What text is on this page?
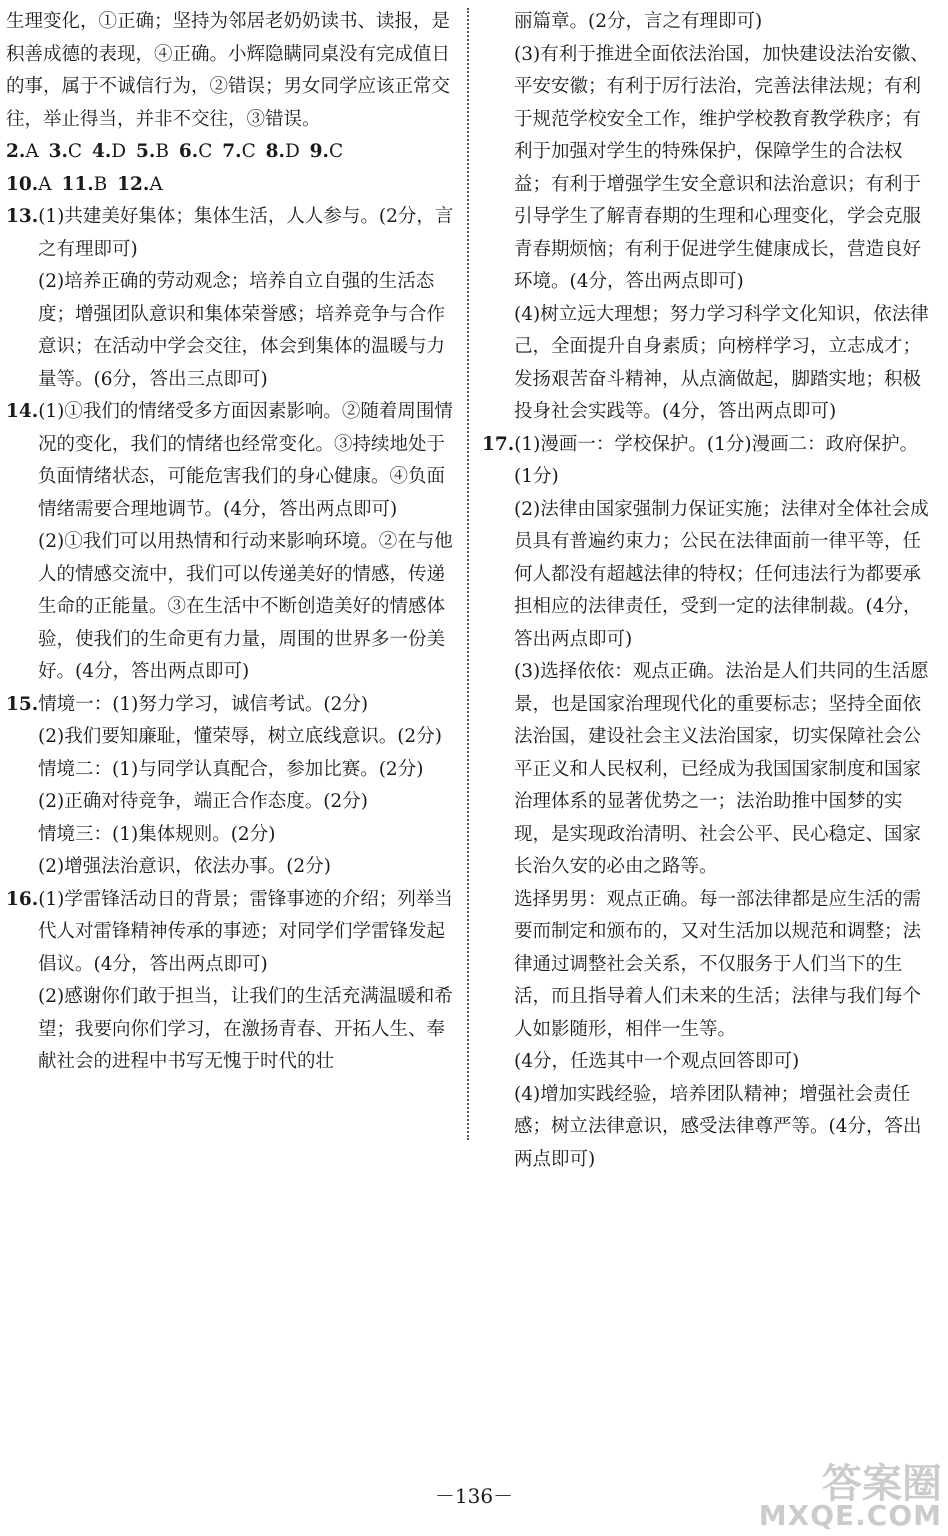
生理变化，①正确；坚持为邻居老奶奶读书、读报，是积善成德的表现，④正确。小辉隐瞒同桌没有完成值日的事，属于不诚信行为，②错误；男女同学应该正常交往，举止得当，并非不交往，③错误。

2.A 3.C 4.D 5.B 6.C 7.C 8.D 9.C

10.A 11.B 12.A

13.(1)共建美好集体；集体生活，人人参与。(2分，言之有理即可)

(2)培养正确的劳动观念；培养自立自强的生活态度；增强团队意识和集体荣誉感；培养竞争与合作意识；在活动中学会交往，体会到集体的温暖与力量等。(6分，答出三点即可)

14.(1)①我们的情绪受多方面因素影响。②随着周围情况的变化，我们的情绪也经常变化。③持续地处于负面情绪状态，可能危害我们的身心健康。④负面情绪需要合理地调节。(4分，答出两点即可)

(2)①我们可以用热情和行动来影响环境。②在与他人的情感交流中，我们可以传递美好的情感，传递生命的正能量。③在生活中不断创造美好的情感体验，使我们的生命更有力量，周围的世界多一份美好。(4分，答出两点即可)

15.情境一：(1)努力学习，诚信考试。(2分)

(2)我们要知廉耻，懂荣辱，树立底线意识。(2分)

情境二：(1)与同学认真配合，参加比赛。(2分)

(2)正确对待竞争，端正合作态度。(2分)

情境三：(1)集体规则。(2分)

(2)增强法治意识，依法办事。(2分)

16.(1)学雷锋活动日的背景；雷锋事迹的介绍；列举当代人对雷锋精神传承的事迹；对同学们学雷锋发起倡议。(4分，答出两点即可)

(2)感谢你们敢于担当，让我们的生活充满温暖和希望；我要向你们学习，在激扬青春、开拓人生、奉献社会的进程中书写无愧于时代的壮

丽篇章。(2分，言之有理即可)

(3)有利于推进全面依法治国，加快建设法治安徽、平安安徽；有利于厉行法治，完善法律法规；有利于规范学校安全工作，维护学校教育教学秩序；有利于加强对学生的特殊保护，保障学生的合法权益；有利于增强学生安全意识和法治意识；有利于引导学生了解青春期的生理和心理变化，学会克服青春期烦恼；有利于促进学生健康成长，营造良好环境。(4分，答出两点即可)

(4)树立远大理想；努力学习科学文化知识，依法律己，全面提升自身素质；向榜样学习，立志成才；发扬艰苦奋斗精神，从点滴做起，脚踏实地；积极投身社会实践等。(4分，答出两点即可)

17.(1)漫画一：学校保护。(1分)漫画二：政府保护。(1分)

(2)法律由国家强制力保证实施；法律对全体社会成员具有普遍约束力；公民在法律面前一律平等，任何人都没有超越法律的特权；任何违法行为都要承担相应的法律责任，受到一定的法律制裁。(4分，答出两点即可)

(3)选择依依：观点正确。法治是人们共同的生活愿景，也是国家治理现代化的重要标志；坚持全面依法治国，建设社会主义法治国家，切实保障社会公平正义和人民权利，已经成为我国国家制度和国家治理体系的显著优势之一；法治助推中国梦的实现，是实现政治清明、社会公平、民心稳定、国家长治久安的必由之路等。

选择男男：观点正确。每一部法律都是应生活的需要而制定和颁布的，又对生活加以规范和调整；法律通过调整社会关系，不仅服务于人们当下的生活，而且指导着人们未来的生活；法律与我们每个人如影随形，相伴一生等。

(4分，任选其中一个观点回答即可)

(4)增加实践经验，培养团队精神；增强社会责任感；树立法律意识，感受法律尊严等。(4分，答出两点即可)

－136－	答案圈
MXQE.COM
